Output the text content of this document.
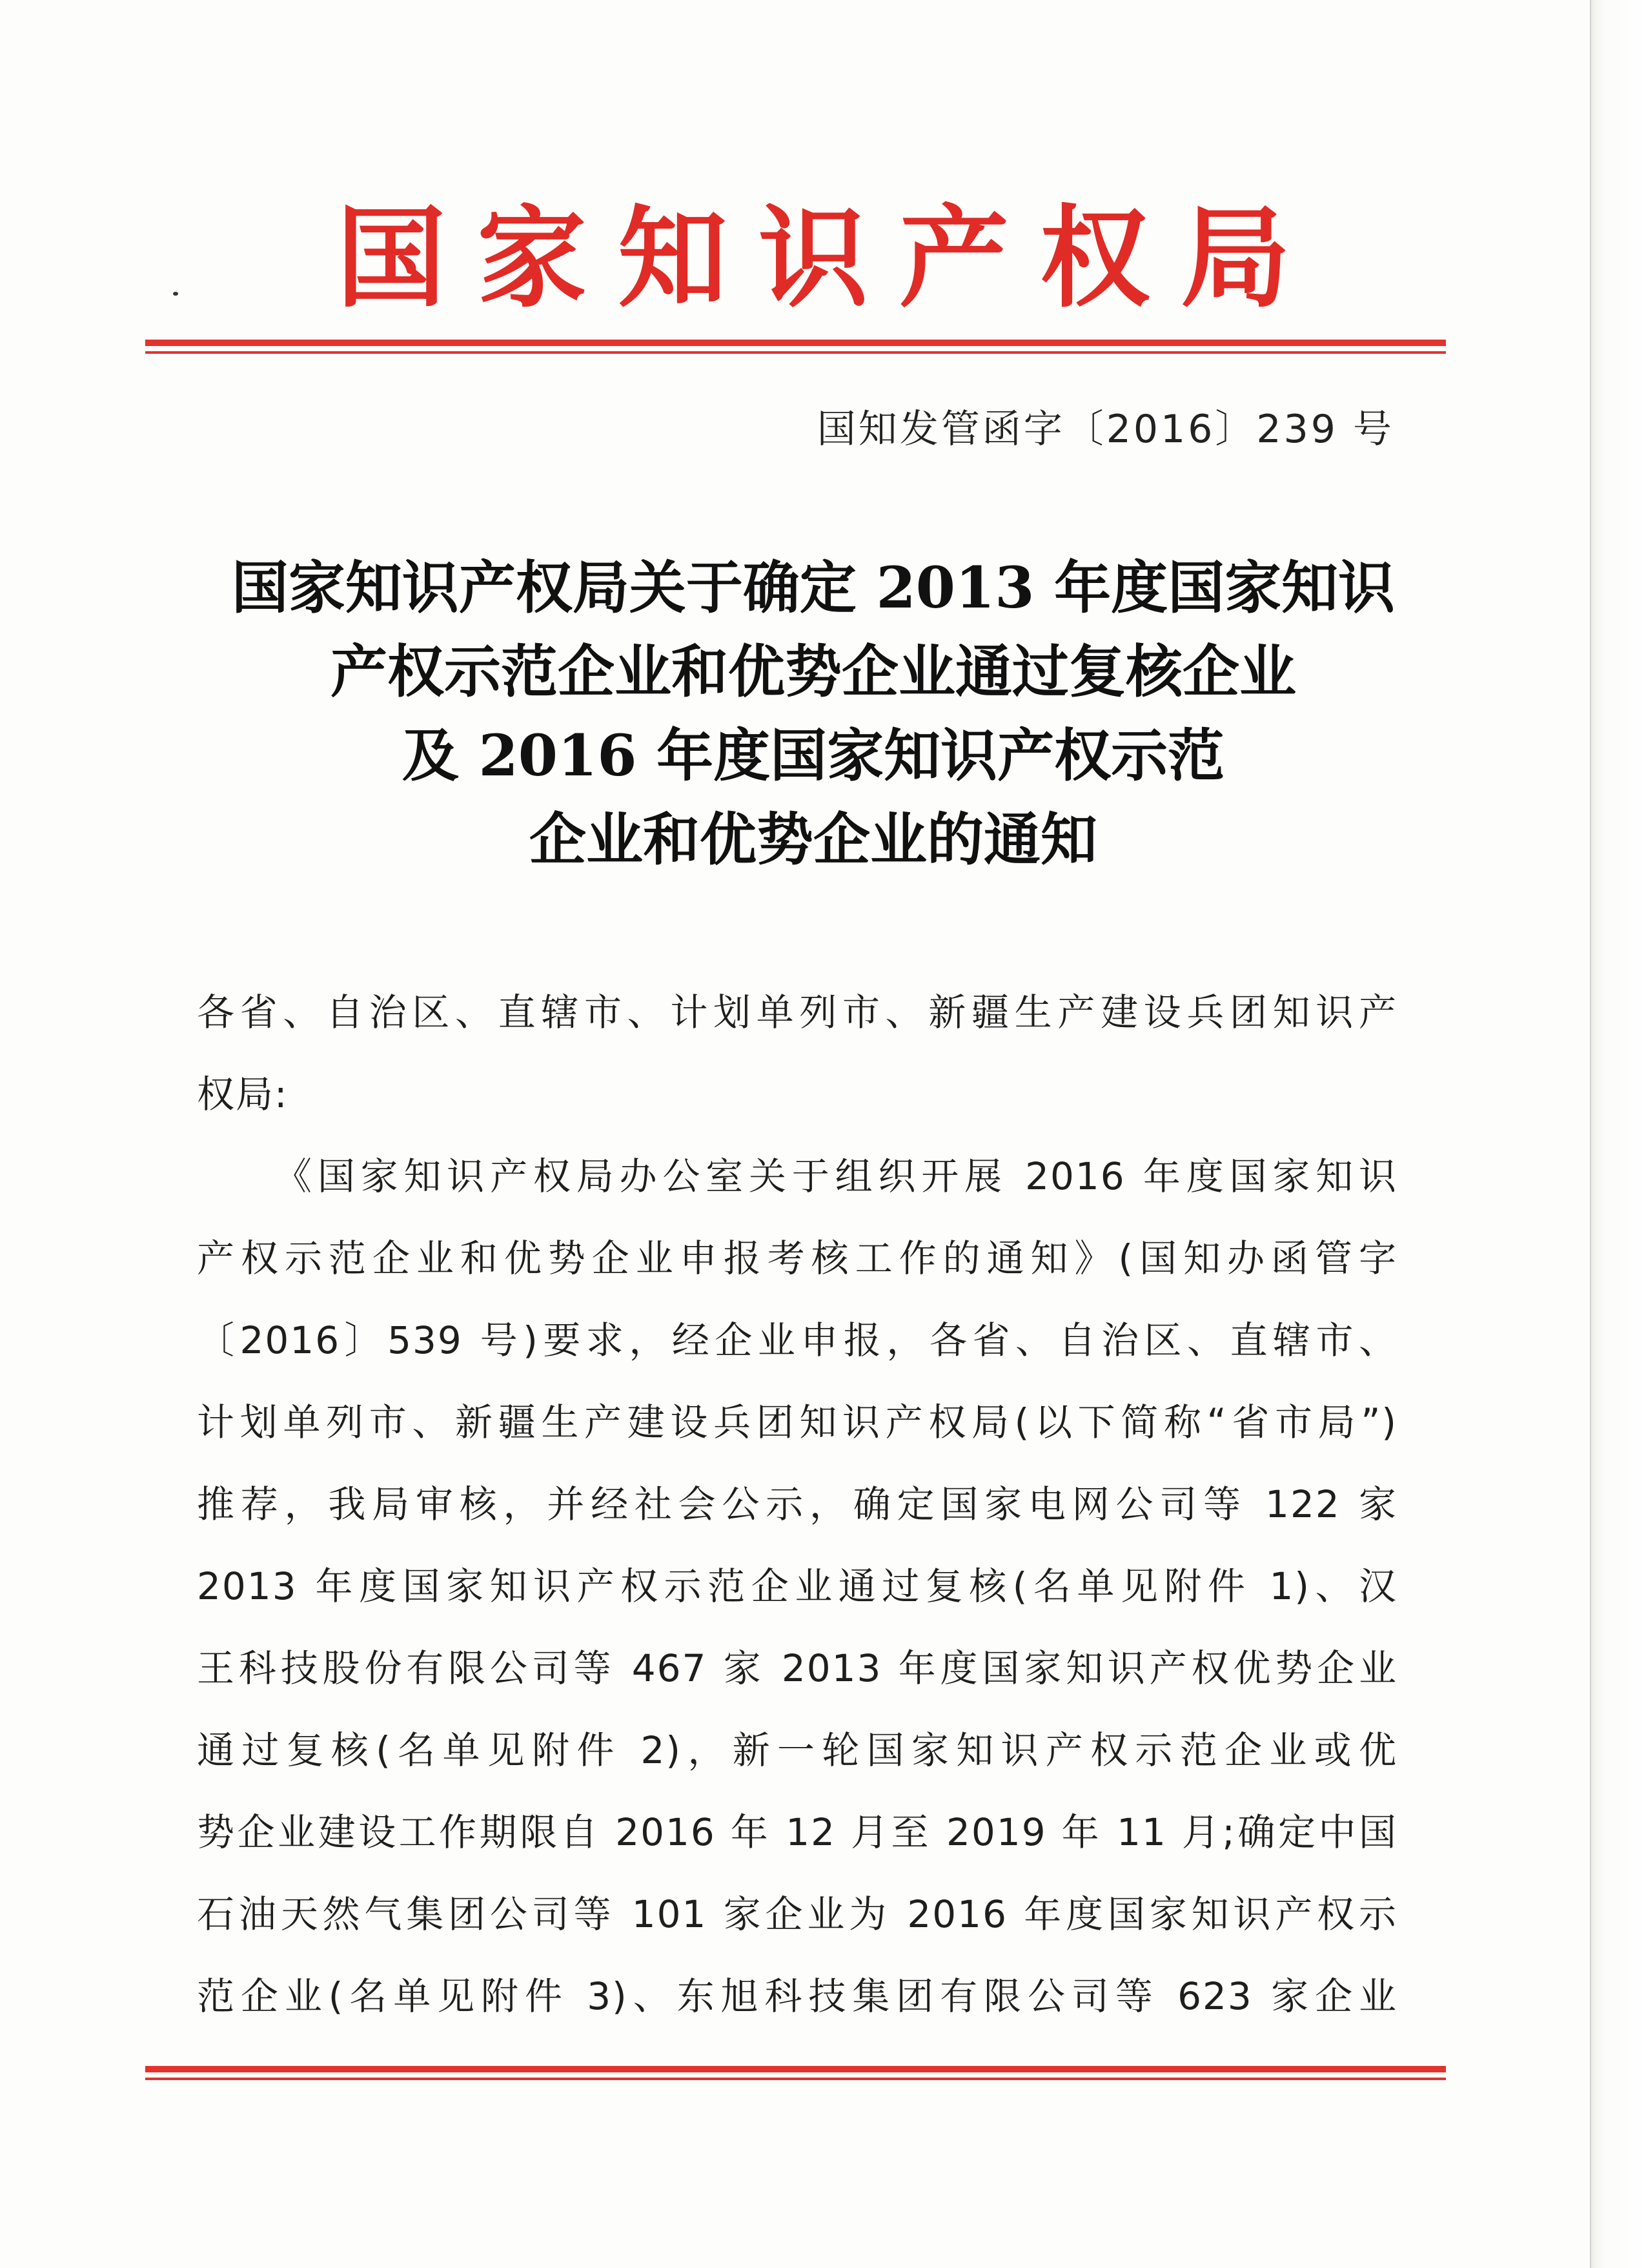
国家知识产权局
国知发管函字〔2016〕239 号
国家知识产权局关于确定 2013 年度国家知识
产权示范企业和优势企业通过复核企业
及 2016 年度国家知识产权示范
企业和优势企业的通知
各省、自治区、直辖市、计划单列市、新疆生产建设兵团知识产
权局:
《国家知识产权局办公室关于组织开展 2016 年度国家知识
产权示范企业和优势企业申报考核工作的通知》(国知办函管字
〔2016〕539 号)要求，经企业申报，各省、自治区、直辖市、
计划单列市、新疆生产建设兵团知识产权局(以下简称“省市局”)
推荐，我局审核，并经社会公示，确定国家电网公司等 122 家
2013 年度国家知识产权示范企业通过复核(名单见附件 1)、汉
王科技股份有限公司等 467 家 2013 年度国家知识产权优势企业
通过复核(名单见附件 2)，新一轮国家知识产权示范企业或优
势企业建设工作期限自 2016 年 12 月至 2019 年 11 月;确定中国
石油天然气集团公司等 101 家企业为 2016 年度国家知识产权示
范企业(名单见附件 3)、东旭科技集团有限公司等 623 家企业
